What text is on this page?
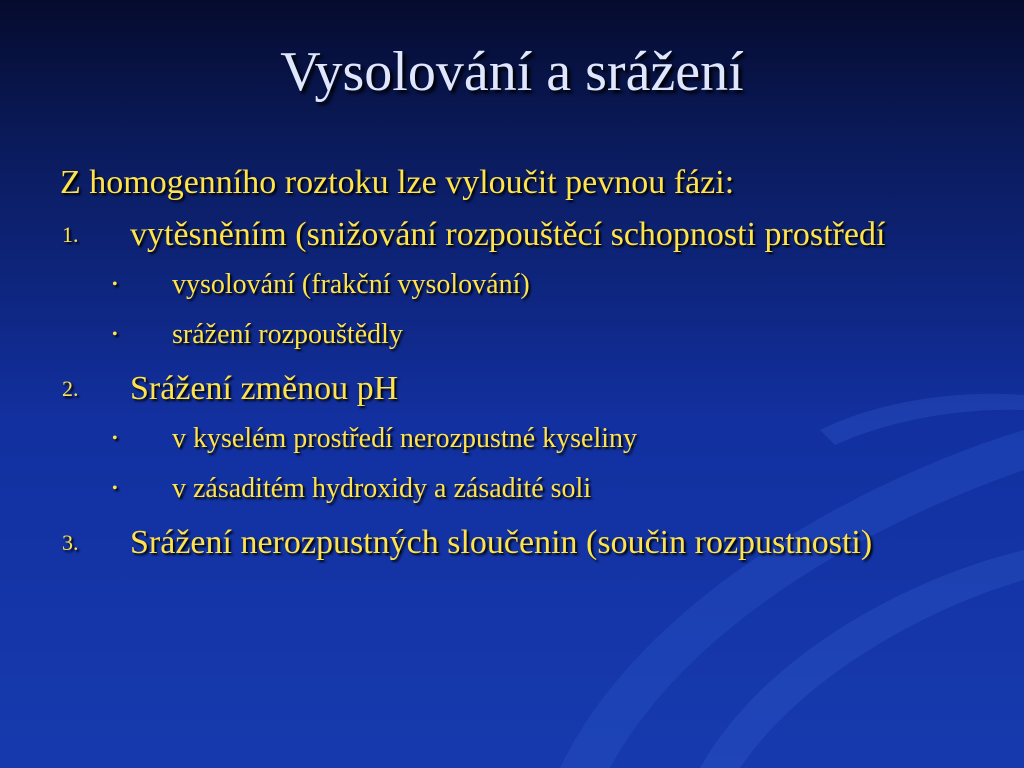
Vysolování a srážení
Z homogenního roztoku lze vyloučit pevnou fázi:
1. vytěsněním (snižování rozpouštěcí schopnosti prostředí
• vysolování (frakční vysolování)
• srážení rozpouštědly
2. Srážení změnou pH
• v kyselém prostředí nerozpustné kyseliny
• v zásaditém hydroxidy a zásadité soli
3. Srážení nerozpustných sloučenin (součin rozpustnosti)
